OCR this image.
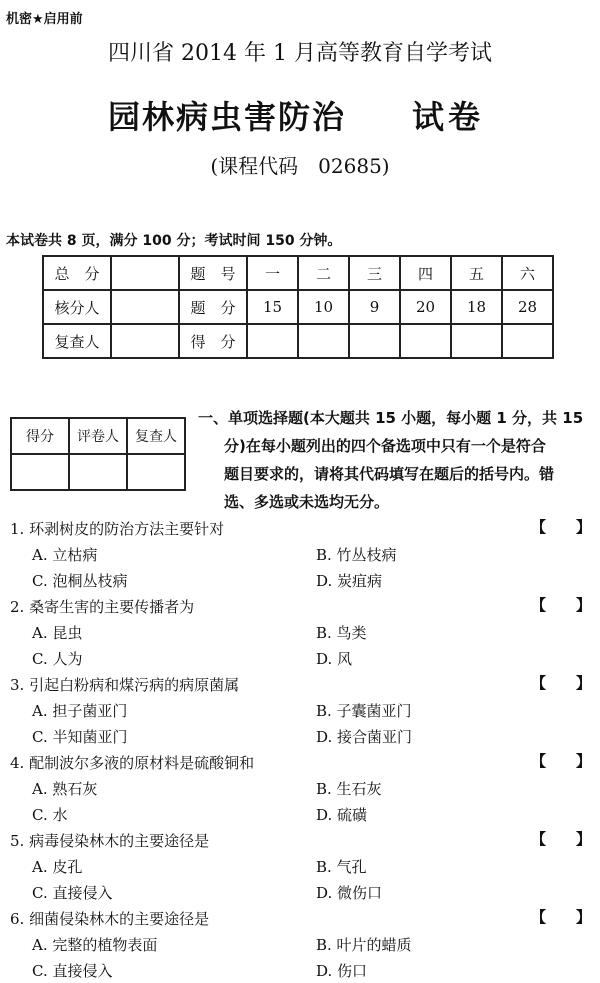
机密★启用前
四川省 2014 年 1 月高等教育自学考试
园林病虫害防治 试卷
(课程代码　02685)
本试卷共 8 页，满分 100 分；考试时间 150 分钟。
总　分		题　号	一	二	三	四	五	六
核分人		题　分	15	10	9	20	18	28
复查人		得　分						
得分	评卷人	复查人

一、单项选择题(本大题共 15 小题，每小题 1 分，共 15
分)在每小题列出的四个备选项中只有一个是符合
题目要求的，请将其代码填写在题后的括号内。错
选、多选或未选均无分。
1. 环剥树皮的防治方法主要针对	【　　】
A. 立枯病	B. 竹丛枝病
C. 泡桐丛枝病	D. 炭疽病
2. 桑寄生害的主要传播者为	【　　】
A. 昆虫	B. 鸟类
C. 人为	D. 风
3. 引起白粉病和煤污病的病原菌属	【　　】
A. 担子菌亚门	B. 子囊菌亚门
C. 半知菌亚门	D. 接合菌亚门
4. 配制波尔多液的原材料是硫酸铜和	【　　】
A. 熟石灰	B. 生石灰
C. 水	D. 硫磺
5. 病毒侵染林木的主要途径是	【　　】
A. 皮孔	B. 气孔
C. 直接侵入	D. 微伤口
6. 细菌侵染林木的主要途径是	【　　】
A. 完整的植物表面	B. 叶片的蜡质
C. 直接侵入	D. 伤口
